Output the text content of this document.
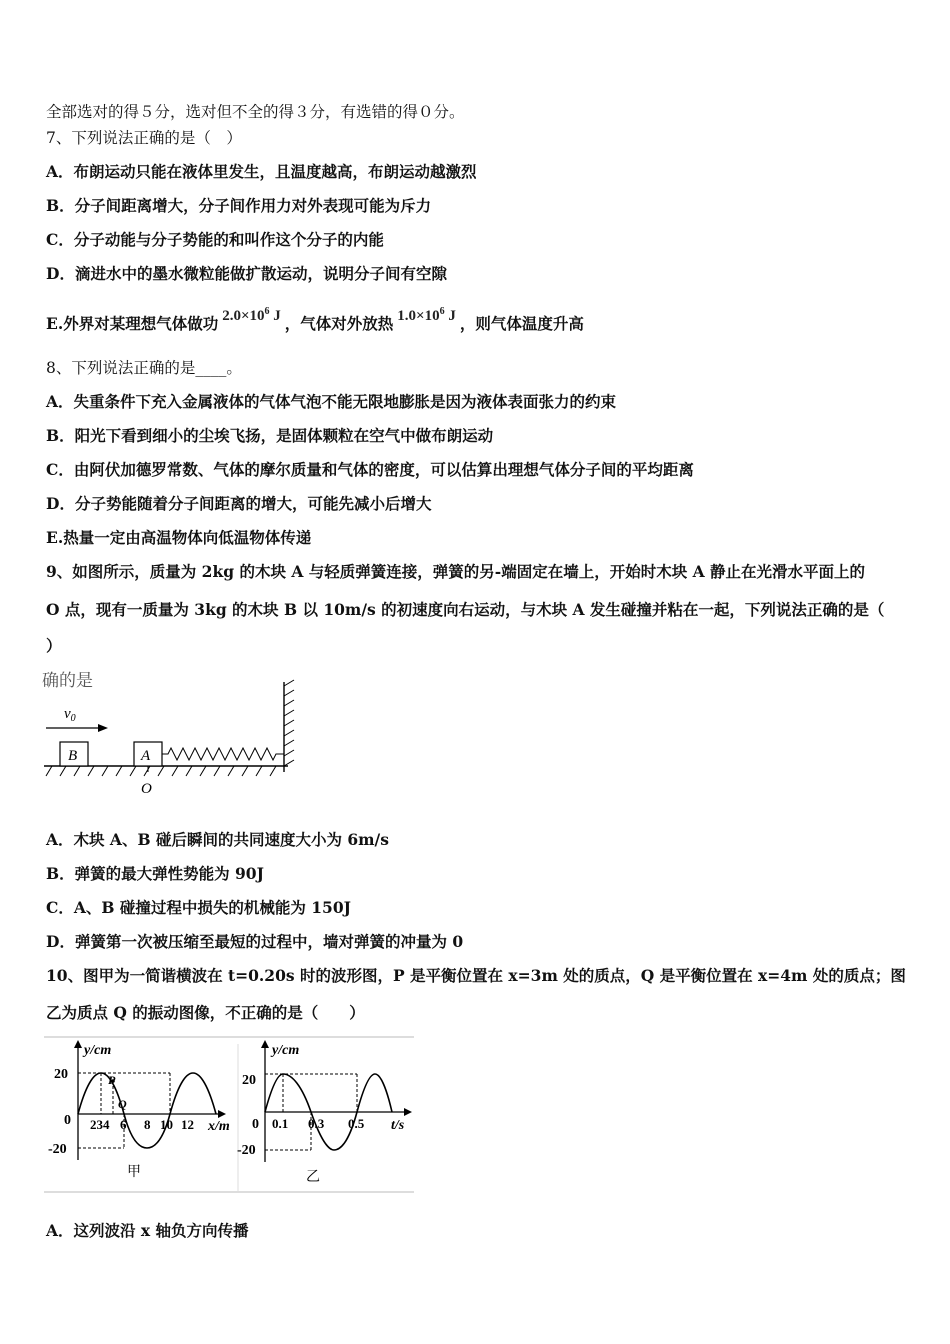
全部选对的得５分，选对但不全的得３分，有选错的得０分。
7、下列说法正确的是（　）
A．布朗运动只能在液体里发生，且温度越高，布朗运动越激烈
B．分子间距离增大，分子间作用力对外表现可能为斥力
C．分子动能与分子势能的和叫作这个分子的内能
D．滴进水中的墨水微粒能做扩散运动，说明分子间有空隙
E.外界对某理想气体做功 $2.0\times 10^6$ J ，气体对外放热 $1.0\times 10^6$ J ，则气体温度升高
8、下列说法正确的是____。
A．失重条件下充入金属液体的气体气泡不能无限地膨胀是因为液体表面张力的约束
B．阳光下看到细小的尘埃飞扬，是固体颗粒在空气中做布朗运动
C．由阿伏加德罗常数、气体的摩尔质量和气体的密度，可以估算出理想气体分子间的平均距离
D．分子势能随着分子间距离的增大，可能先减小后增大
E.热量一定由高温物体向低温物体传递
9、如图所示，质量为 2kg 的木块 A 与轻质弹簧连接，弹簧的另-端固定在墙上，开始时木块 A 静止在光滑水平面上的
O 点，现有一质量为 3kg 的木块 B 以 10m/s 的初速度向右运动，与木块 A 发生碰撞并粘在一起，下列说法正确的是（
）
确的是
$v_0$
B	A
O
A．木块 A、B 碰后瞬间的共同速度大小为 6m/s
B．弹簧的最大弹性势能为 90J
C．A、B 碰撞过程中损失的机械能为 150J
D．弹簧第一次被压缩至最短的过程中，墙对弹簧的冲量为 0
10、图甲为一简谐横波在 t=0.20s 时的波形图，P 是平衡位置在 x=3m 处的质点，Q 是平衡位置在 x=4m 处的质点；图
乙为质点 Q 的振动图像，不正确的是（　　）
y/cm
x/m
20
-20
0
P
Q
234 6 8 10 12
甲
y/cm
t/s
20
-20
0 0.1 0.3 0.5
乙
A．这列波沿 x 轴负方向传播
